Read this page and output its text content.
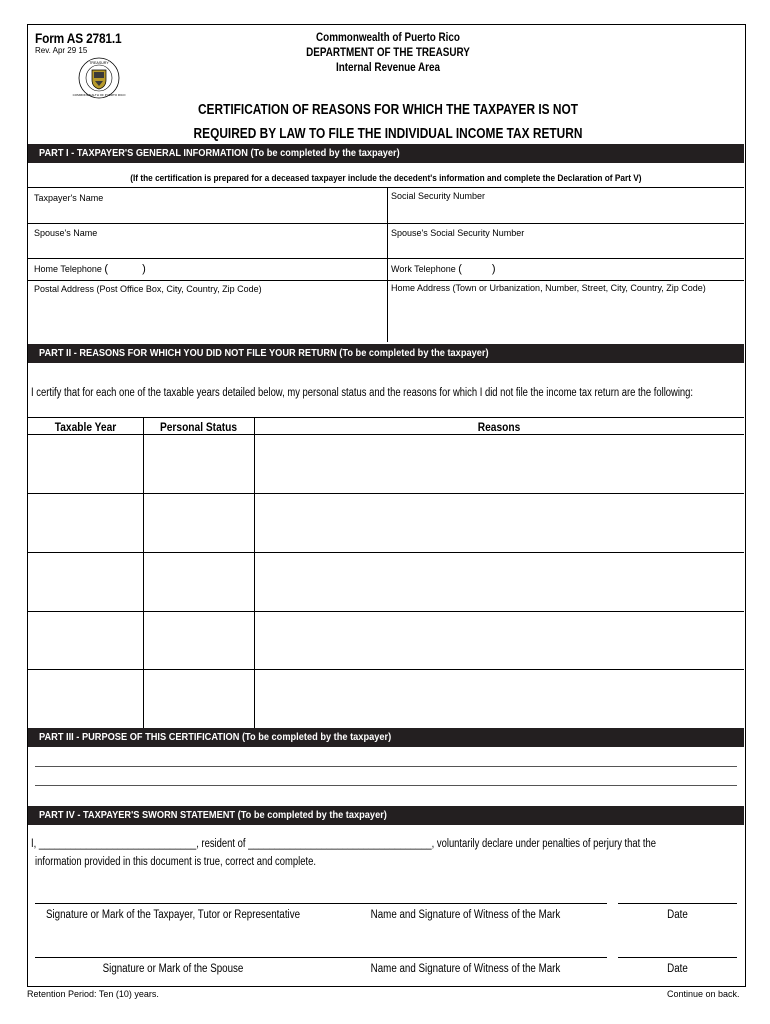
Form AS 2781.1
Rev. Apr 29 15
TREASURY
COMMONWEALTH OF PUERTO RICO
Commonwealth of Puerto Rico
DEPARTMENT OF THE TREASURY
Internal Revenue Area
CERTIFICATION OF REASONS FOR WHICH THE TAXPAYER IS NOT
REQUIRED BY LAW TO FILE THE INDIVIDUAL INCOME TAX RETURN
PART I - TAXPAYER'S GENERAL INFORMATION (To be completed by the taxpayer)
(If the certification is prepared for a deceased taxpayer include the decedent's information and complete the Declaration of Part V)
Taxpayer's Name	Social Security Number
Spouse's Name	Spouse's Social Security Number
Home Telephone (	)	Work Telephone (	)
Postal Address (Post Office Box, City, Country, Zip Code)	Home Address (Town or Urbanization, Number, Street, City, Country, Zip Code)
PART II - REASONS FOR WHICH YOU DID NOT FILE YOUR RETURN (To be completed by the taxpayer)
I certify that for each one of the taxable years detailed below, my personal status and the reasons for which I did not file the income tax return are the following:
Taxable Year	Personal Status	Reasons
PART III - PURPOSE OF THIS CERTIFICATION (To be completed by the taxpayer)
PART IV - TAXPAYER'S SWORN STATEMENT (To be completed by the taxpayer)
I, ______________________________, resident of ___________________________________, voluntarily declare under penalties of perjury that the
information provided in this document is true, correct and complete.
Signature or Mark of the Taxpayer, Tutor or Representative	Name and Signature of Witness of the Mark	Date
Signature or Mark of the Spouse	Name and Signature of Witness of the Mark	Date
Retention Period: Ten (10) years.	Continue on back.
